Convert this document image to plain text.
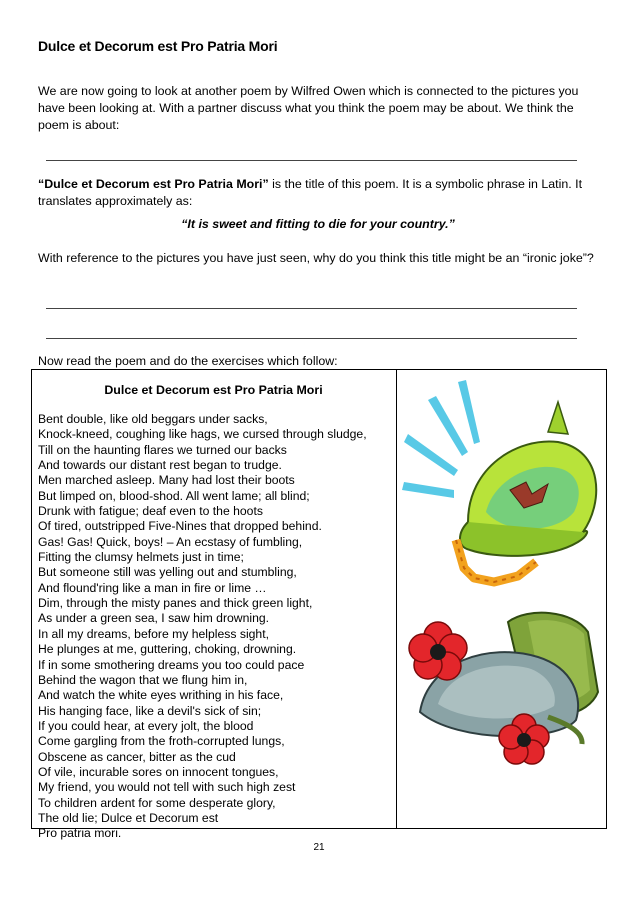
Dulce et Decorum est Pro Patria Mori
We are now going to look at another poem by Wilfred Owen which is connected to the pictures you have been looking at. With a partner discuss what you think the poem may be about. We think the poem is about:
“Dulce et Decorum est Pro Patria Mori” is the title of this poem. It is a symbolic phrase in Latin. It translates approximately as:
“It is sweet and fitting to die for your country.”
With reference to the pictures you have just seen, why do you think this title might be an “ironic joke”?
Now read the poem and do the exercises which follow:
Dulce et Decorum est Pro Patria Mori
Bent double, like old beggars under sacks,
Knock-kneed, coughing like hags, we cursed through sludge,
Till on the haunting flares we turned our backs
And towards our distant rest began to trudge.
Men marched asleep. Many had lost their boots
But limped on, blood-shod. All went lame; all blind;
Drunk with fatigue; deaf even to the hoots
Of tired, outstripped Five-Nines that dropped behind.
Gas! Gas! Quick, boys! – An ecstasy of fumbling,
Fitting the clumsy helmets just in time;
But someone still was yelling out and stumbling,
And flound'ring like a man in fire or lime …
Dim, through the misty panes and thick green light,
As under a green sea, I saw him drowning.
In all my dreams, before my helpless sight,
He plunges at me, guttering, choking, drowning.
If in some smothering dreams you too could pace
Behind the wagon that we flung him in,
And watch the white eyes writhing in his face,
His hanging face, like a devil's sick of sin;
If you could hear, at every jolt, the blood
Come gargling from the froth-corrupted lungs,
Obscene as cancer, bitter as the cud
Of vile, incurable sores on innocent tongues,
My friend, you would not tell with such high zest
To children ardent for some desperate glory,
The old lie; Dulce et Decorum est
Pro patria mori.
21
